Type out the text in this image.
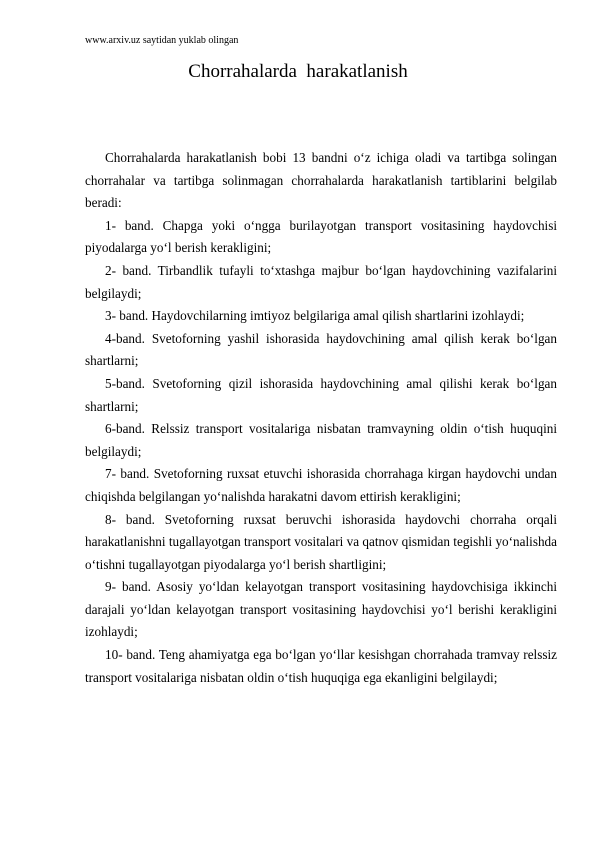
www.arxiv.uz saytidan yuklab olingan
Chorrahalarda  harakatlanish

Chorrahalarda harakatlanish bobi 13 bandni o‘z ichiga oladi va tartibga solingan chorrahalar va tartibga solinmagan chorrahalarda harakatlanish tartiblarini belgilab beradi:

1- band. Chapga yoki o‘ngga burilayotgan transport vositasining haydovchisi piyodalarga yo‘l berish kerakligini;

2- band. Tirbandlik tufayli to‘xtashga majbur bo‘lgan haydovchining vazifalarini belgilaydi;

3- band. Haydovchilarning imtiyoz belgilariga amal qilish shartlarini izohlaydi;

4-band. Svetoforning yashil ishorasida haydovchining amal qilish kerak bo‘lgan shartlarni;

5-band. Svetoforning qizil ishorasida haydovchining amal qilishi kerak bo‘lgan shartlarni;

6-band. Relssiz transport vositalariga nisbatan tramvayning oldin o‘tish huquqini belgilaydi;

7- band. Svetoforning ruxsat etuvchi ishorasida chorrahaga kirgan haydovchi undan chiqishda belgilangan yo‘nalishda harakatni davom ettirish kerakligini;

8- band. Svetoforning ruxsat beruvchi ishorasida haydovchi chorraha orqali harakatlanishni tugallayotgan transport vositalari va qatnov qismidan tegishli yo‘nalishda o‘tishni tugallayotgan piyodalarga yo‘l berish shartligini;

9- band. Asosiy yo‘ldan kelayotgan transport vositasining haydovchisiga ikkinchi darajali yo‘ldan kelayotgan transport vositasining haydovchisi yo‘l berishi kerakligini izohlaydi;

10- band. Teng ahamiyatga ega bo‘lgan yo‘llar kesishgan chorrahada tramvay relssiz transport vositalariga nisbatan oldin o‘tish huquqiga ega ekanligini belgilaydi;
